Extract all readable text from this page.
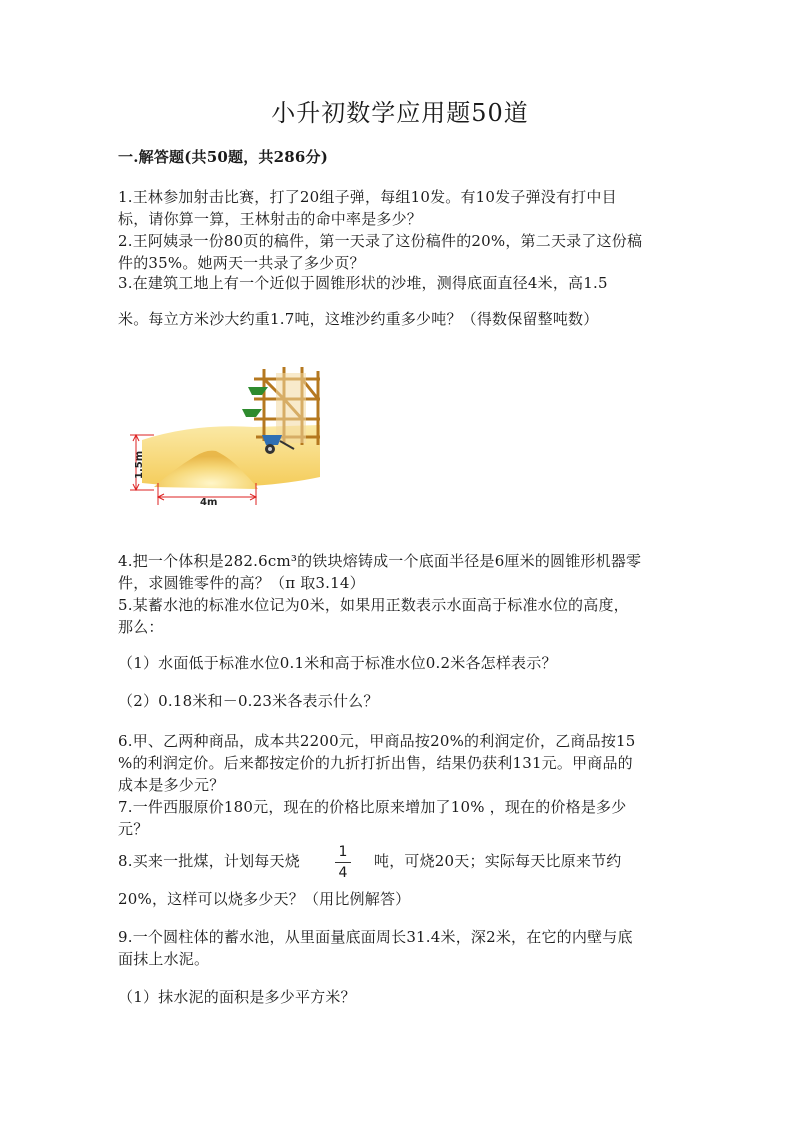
小升初数学应用题50道
一.解答题(共50题，共286分)
1.王林参加射击比赛，打了20组子弹，每组10发。有10发子弹没有打中目
标，请你算一算，王林射击的命中率是多少？
2.王阿姨录一份80页的稿件，第一天录了这份稿件的20%，第二天录了这份稿
件的35%。她两天一共录了多少页？
3.在建筑工地上有一个近似于圆锥形状的沙堆，测得底面直径4米，高1.5
米。每立方米沙大约重1.7吨，这堆沙约重多少吨？（得数保留整吨数）
1.5m
4m
4.把一个体积是282.6cm³的铁块熔铸成一个底面半径是6厘米的圆锥形机器零
件，求圆锥零件的高？（π 取3.14）
5.某蓄水池的标准水位记为0米，如果用正数表示水面高于标准水位的高度，
那么：
（1）水面低于标准水位0.1米和高于标准水位0.2米各怎样表示？
（2）0.18米和－0.23米各表示什么？
6.甲、乙两种商品，成本共2200元，甲商品按20%的利润定价，乙商品按15
%的利润定价。后来都按定价的九折打折出售，结果仍获利131元。甲商品的
成本是多少元？
7.一件西服原价180元，现在的价格比原来增加了10% ，现在的价格是多少
元？
8.买来一批煤，计划每天烧	1
4
吨，可烧20天；实际每天比原来节约
20%，这样可以烧多少天？（用比例解答）
9.一个圆柱体的蓄水池，从里面量底面周长31.4米，深2米，在它的内壁与底
面抹上水泥。
（1）抹水泥的面积是多少平方米？
